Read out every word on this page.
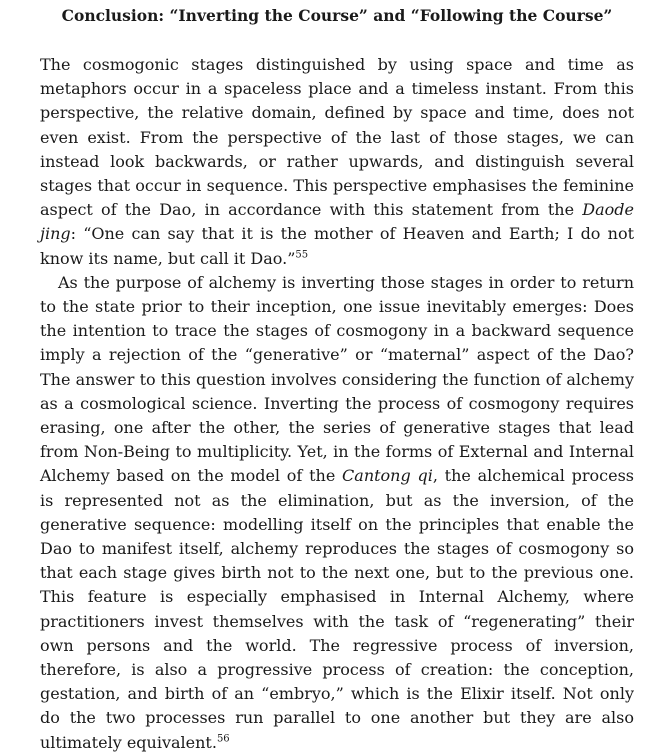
Conclusion: “Inverting the Course” and “Following the Course”

The cosmogonic stages distinguished by using space and time as metaphors occur in a spaceless place and a timeless instant. From this perspective, the relative domain, defined by space and time, does not even exist. From the perspective of the last of those stages, we can instead look backwards, or rather upwards, and distinguish several stages that occur in sequence. This perspective emphasises the feminine aspect of the Dao, in accordance with this statement from the Daode jing: “One can say that it is the mother of Heaven and Earth; I do not know its name, but call it Dao.”$^{55}$

As the purpose of alchemy is inverting those stages in order to return to the state prior to their inception, one issue inevitably emerges: Does the intention to trace the stages of cosmogony in a backward sequence imply a rejection of the “generative” or “maternal” aspect of the Dao? The answer to this question involves considering the function of alchemy as a cosmological science. Inverting the process of cosmogony requires erasing, one after the other, the series of generative stages that lead from Non-Being to multiplicity. Yet, in the forms of External and Internal Alchemy based on the model of the Cantong qi, the alchemical process is represented not as the elimination, but as the inversion, of the generative sequence: modelling itself on the principles that enable the Dao to manifest itself, alchemy reproduces the stages of cosmogony so that each stage gives birth not to the next one, but to the previous one. This feature is especially emphasised in Internal Alchemy, where practitioners invest themselves with the task of “regenerating” their own persons and the world. The regressive process of inversion, therefore, is also a progressive process of creation: the conception, gestation, and birth of an “embryo,” which is the Elixir itself. Not only do the two processes run parallel to one another but they are also ultimately equivalent.$^{56}$
